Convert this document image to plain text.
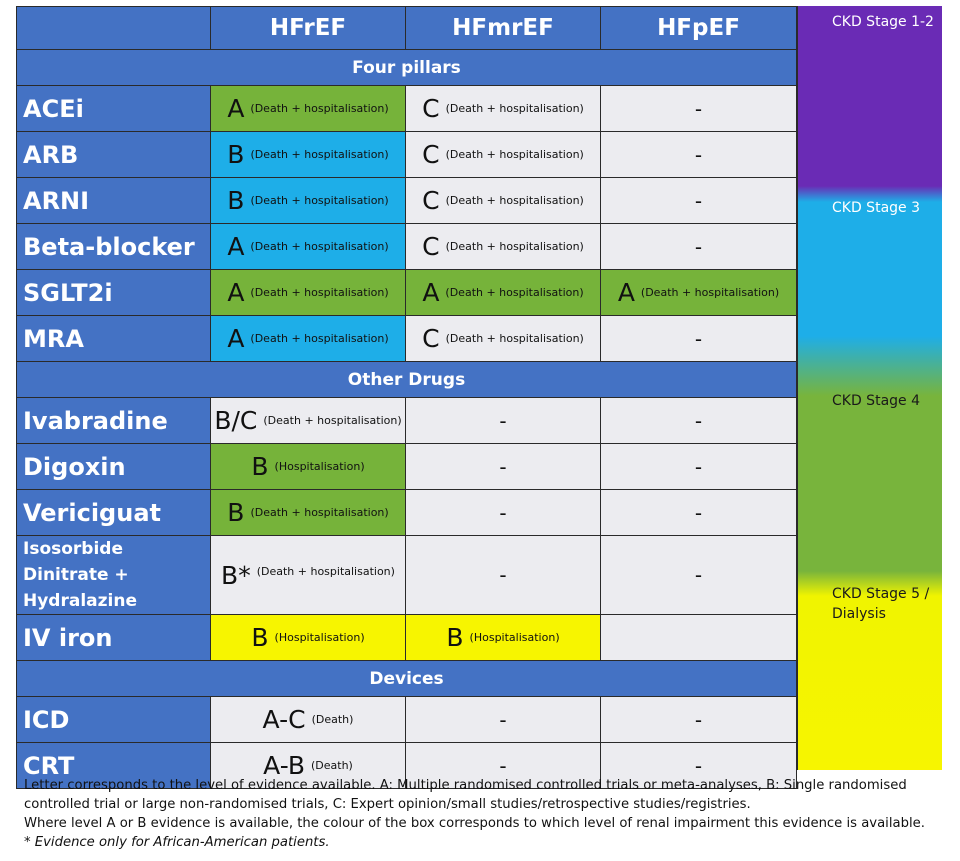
	HFrEF	HFmrEF	HFpEF
Four pillars			
ACEi	A (Death + hospitalisation)	C (Death + hospitalisation)	-
ARB	B (Death + hospitalisation)	C (Death + hospitalisation)	-
ARNI	B (Death + hospitalisation)	C (Death + hospitalisation)	-
Beta-blocker	A (Death + hospitalisation)	C (Death + hospitalisation)	-
SGLT2i	A (Death + hospitalisation)	A (Death + hospitalisation)	A (Death + hospitalisation)
MRA	A (Death + hospitalisation)	C (Death + hospitalisation)	-
Other Drugs			
Ivabradine	B/C (Death + hospitalisation)	-	-
Digoxin	B (Hospitalisation)	-	-
Vericiguat	B (Death + hospitalisation)	-	-
Isosorbide Dinitrate + Hydralazine	B* (Death + hospitalisation)	-	-
IV iron	B (Hospitalisation)	B (Hospitalisation)	
Devices			
ICD	A-C (Death)	-	-
CRT	A-B (Death)	-	-
CKD Stage 1-2
CKD Stage 3
CKD Stage 4
CKD Stage 5 / Dialysis
Letter corresponds to the level of evidence available. A: Multiple randomised controlled trials or meta-analyses, B: Single randomised controlled trial or large non-randomised trials, C: Expert opinion/small studies/retrospective studies/registries.
Where level A or B evidence is available, the colour of the box corresponds to which level of renal impairment this evidence is available.
* Evidence only for African-American patients.
